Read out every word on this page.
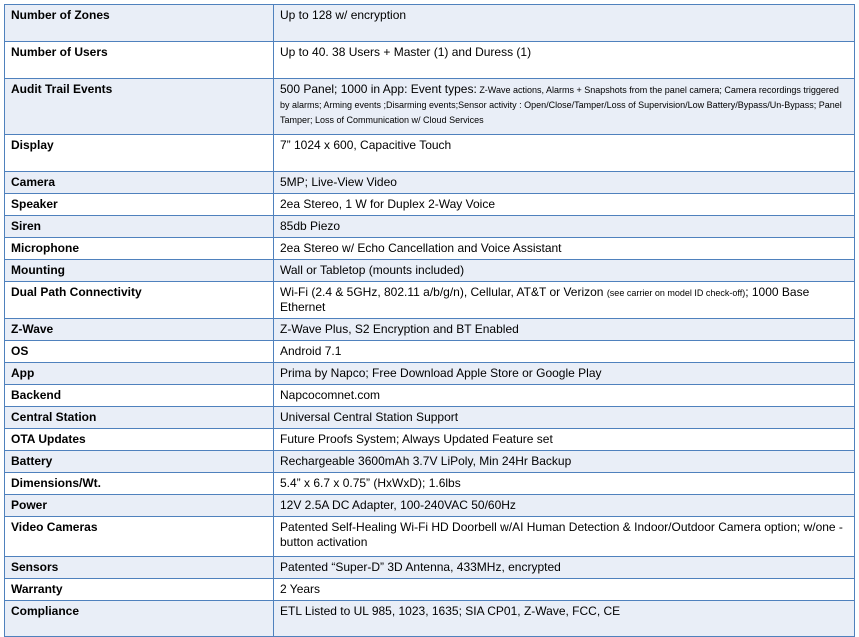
Number of Zones	Up to 128 w/ encryption
Number of Users	Up to 40. 38 Users + Master (1) and Duress (1)
Audit Trail Events	500 Panel; 1000 in App: Event types: Z-Wave actions, Alarms + Snapshots from the panel camera; Camera recordings triggered by alarms; Arming events ;Disarming events;Sensor activity : Open/Close/Tamper/Loss of Supervision/Low Battery/Bypass/Un-Bypass; Panel Tamper; Loss of Communication w/ Cloud Services
Display	7” 1024 x 600, Capacitive Touch
Camera	5MP; Live-View Video
Speaker	2ea Stereo, 1 W for Duplex 2-Way Voice
Siren	85db Piezo
Microphone	2ea Stereo w/ Echo Cancellation and Voice Assistant
Mounting	Wall or Tabletop (mounts included)
Dual Path Connectivity	Wi-Fi (2.4 & 5GHz, 802.11 a/b/g/n), Cellular, AT&T or Verizon (see carrier on model ID check-off); 1000 Base Ethernet
Z-Wave	Z-Wave Plus, S2 Encryption and BT Enabled
OS	Android 7.1
App	Prima by Napco; Free Download Apple Store or Google Play
Backend	Napcocomnet.com
Central Station	Universal Central Station Support
OTA Updates	Future Proofs System; Always Updated Feature set
Battery	Rechargeable 3600mAh 3.7V LiPoly, Min 24Hr Backup
Dimensions/Wt.	5.4” x 6.7 x 0.75” (HxWxD); 1.6lbs
Power	12V 2.5A DC Adapter, 100-240VAC 50/60Hz
Video Cameras	Patented Self-Healing Wi-Fi HD Doorbell w/AI Human Detection & Indoor/Outdoor Camera option; w/one -button activation
Sensors	Patented “Super-D” 3D Antenna, 433MHz, encrypted
Warranty	2 Years
Compliance	ETL Listed to UL 985, 1023, 1635; SIA CP01, Z-Wave, FCC, CE
